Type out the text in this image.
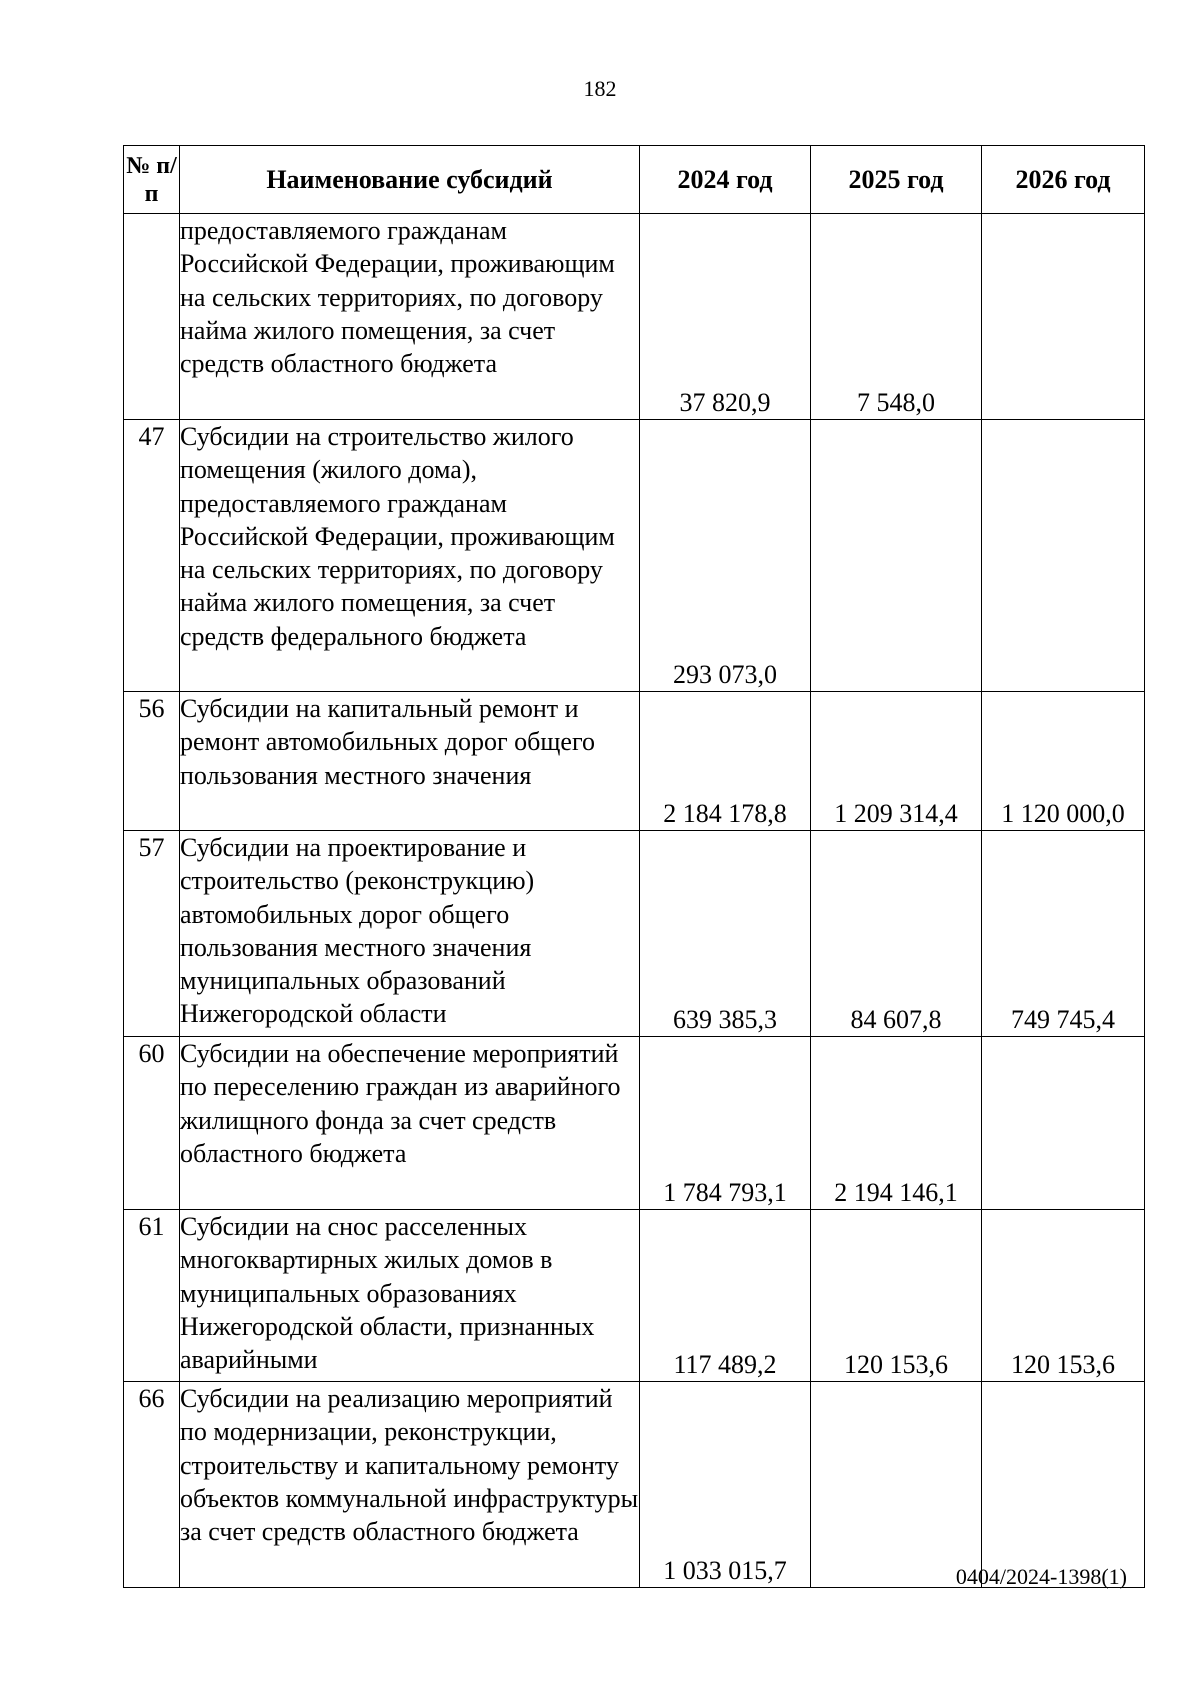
182
№ п/п	Наименование субсидий	2024 год	2025 год	2026 год
	предоставляемого гражданам Российской Федерации, проживающим на сельских территориях, по договору найма жилого помещения, за счет средств областного бюджета	37 820,9	7 548,0	
47	Субсидии на строительство жилого помещения (жилого дома), предоставляемого гражданам Российской Федерации, проживающим на сельских территориях, по договору найма жилого помещения, за счет средств федерального бюджета	293 073,0		
56	Субсидии на капитальный ремонт и ремонт автомобильных дорог общего пользования местного значения	2 184 178,8	1 209 314,4	1 120 000,0
57	Субсидии на проектирование и строительство (реконструкцию) автомобильных дорог общего пользования местного значения муниципальных образований Нижегородской области	639 385,3	84 607,8	749 745,4
60	Субсидии на обеспечение мероприятий по переселению граждан из аварийного жилищного фонда за счет средств областного бюджета	1 784 793,1	2 194 146,1	
61	Субсидии на снос расселенных многоквартирных жилых домов в муниципальных образованиях Нижегородской области, признанных аварийными	117 489,2	120 153,6	120 153,6
66	Субсидии на реализацию мероприятий по модернизации, реконструкции, строительству и капитальному ремонту объектов коммунальной инфраструктуры за счет средств областного бюджета	1 033 015,7			0404/2024-1398(1)
